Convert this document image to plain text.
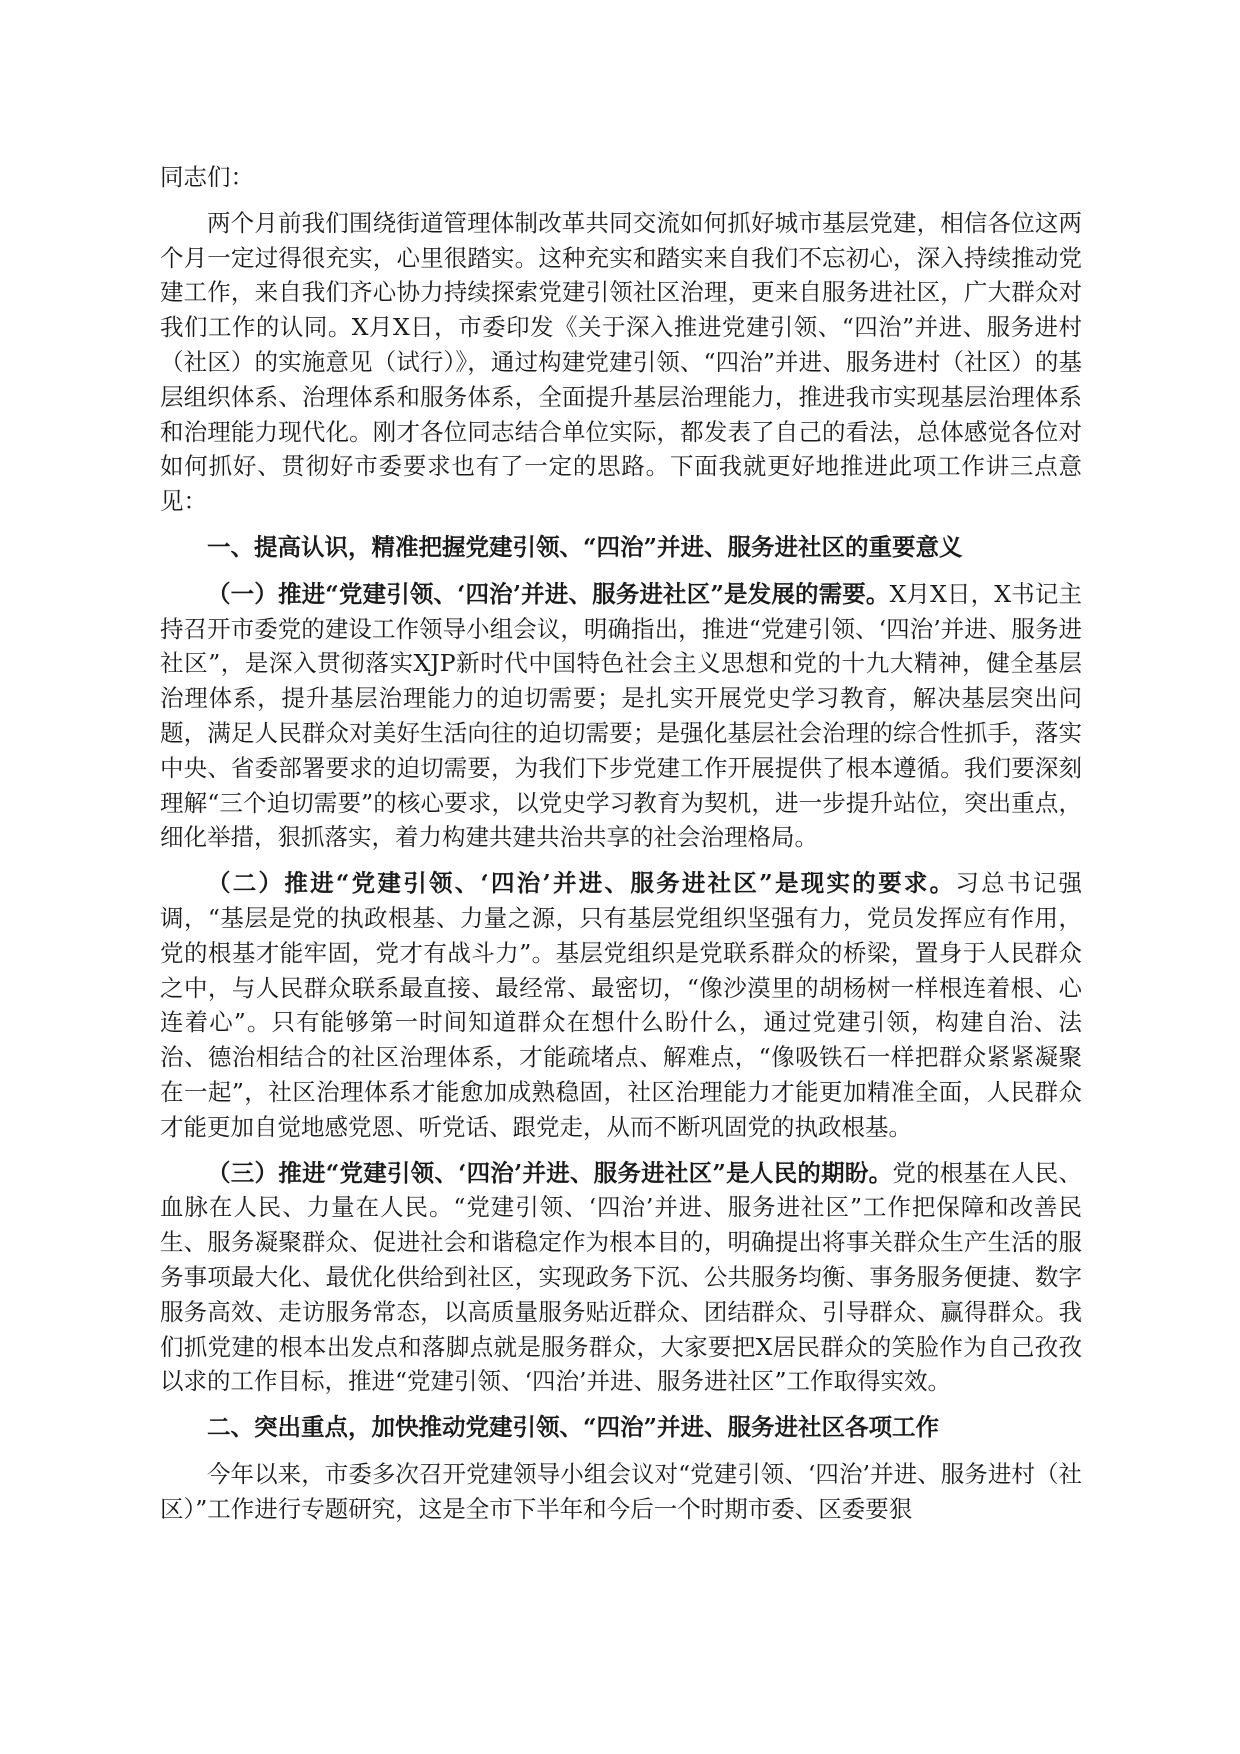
同志们：

两个月前我们围绕街道管理体制改革共同交流如何抓好城市基层党建，相信各位这两个月一定过得很充实，心里很踏实。这种充实和踏实来自我们不忘初心，深入持续推动党建工作，来自我们齐心协力持续探索党建引领社区治理，更来自服务进社区，广大群众对我们工作的认同。X月X日，市委印发《关于深入推进党建引领、“四治”并进、服务进村（社区）的实施意见（试行）》，通过构建党建引领、“四治”并进、服务进村（社区）的基层组织体系、治理体系和服务体系，全面提升基层治理能力，推进我市实现基层治理体系和治理能力现代化。刚才各位同志结合单位实际，都发表了自己的看法，总体感觉各位对如何抓好、贯彻好市委要求也有了一定的思路。下面我就更好地推进此项工作讲三点意见：

一、提高认识，精准把握党建引领、“四治”并进、服务进社区的重要意义

（一）推进“党建引领、‘四治’并进、服务进社区”是发展的需要。X月X日，X书记主持召开市委党的建设工作领导小组会议，明确指出，推进“党建引领、‘四治’并进、服务进社区”，是深入贯彻落实XJP新时代中国特色社会主义思想和党的十九大精神，健全基层治理体系，提升基层治理能力的迫切需要；是扎实开展党史学习教育，解决基层突出问题，满足人民群众对美好生活向往的迫切需要；是强化基层社会治理的综合性抓手，落实中央、省委部署要求的迫切需要，为我们下步党建工作开展提供了根本遵循。我们要深刻理解“三个迫切需要”的核心要求，以党史学习教育为契机，进一步提升站位，突出重点，细化举措，狠抓落实，着力构建共建共治共享的社会治理格局。

（二）推进“党建引领、‘四治’并进、服务进社区”是现实的要求。习总书记强调，“基层是党的执政根基、力量之源，只有基层党组织坚强有力，党员发挥应有作用，党的根基才能牢固，党才有战斗力”。基层党组织是党联系群众的桥梁，置身于人民群众之中，与人民群众联系最直接、最经常、最密切，“像沙漠里的胡杨树一样根连着根、心连着心”。只有能够第一时间知道群众在想什么盼什么，通过党建引领，构建自治、法治、德治相结合的社区治理体系，才能疏堵点、解难点，“像吸铁石一样把群众紧紧凝聚在一起”，社区治理体系才能愈加成熟稳固，社区治理能力才能更加精准全面，人民群众才能更加自觉地感党恩、听党话、跟党走，从而不断巩固党的执政根基。

（三）推进“党建引领、‘四治’并进、服务进社区”是人民的期盼。党的根基在人民、血脉在人民、力量在人民。“党建引领、‘四治’并进、服务进社区”工作把保障和改善民生、服务凝聚群众、促进社会和谐稳定作为根本目的，明确提出将事关群众生产生活的服务事项最大化、最优化供给到社区，实现政务下沉、公共服务均衡、事务服务便捷、数字服务高效、走访服务常态，以高质量服务贴近群众、团结群众、引导群众、赢得群众。我们抓党建的根本出发点和落脚点就是服务群众，大家要把X居民群众的笑脸作为自己孜孜以求的工作目标，推进“党建引领、‘四治’并进、服务进社区”工作取得实效。

二、突出重点，加快推动党建引领、“四治”并进、服务进社区各项工作

今年以来，市委多次召开党建领导小组会议对“党建引领、‘四治’并进、服务进村（社区）”工作进行专题研究，这是全市下半年和今后一个时期市委、区委要狠
